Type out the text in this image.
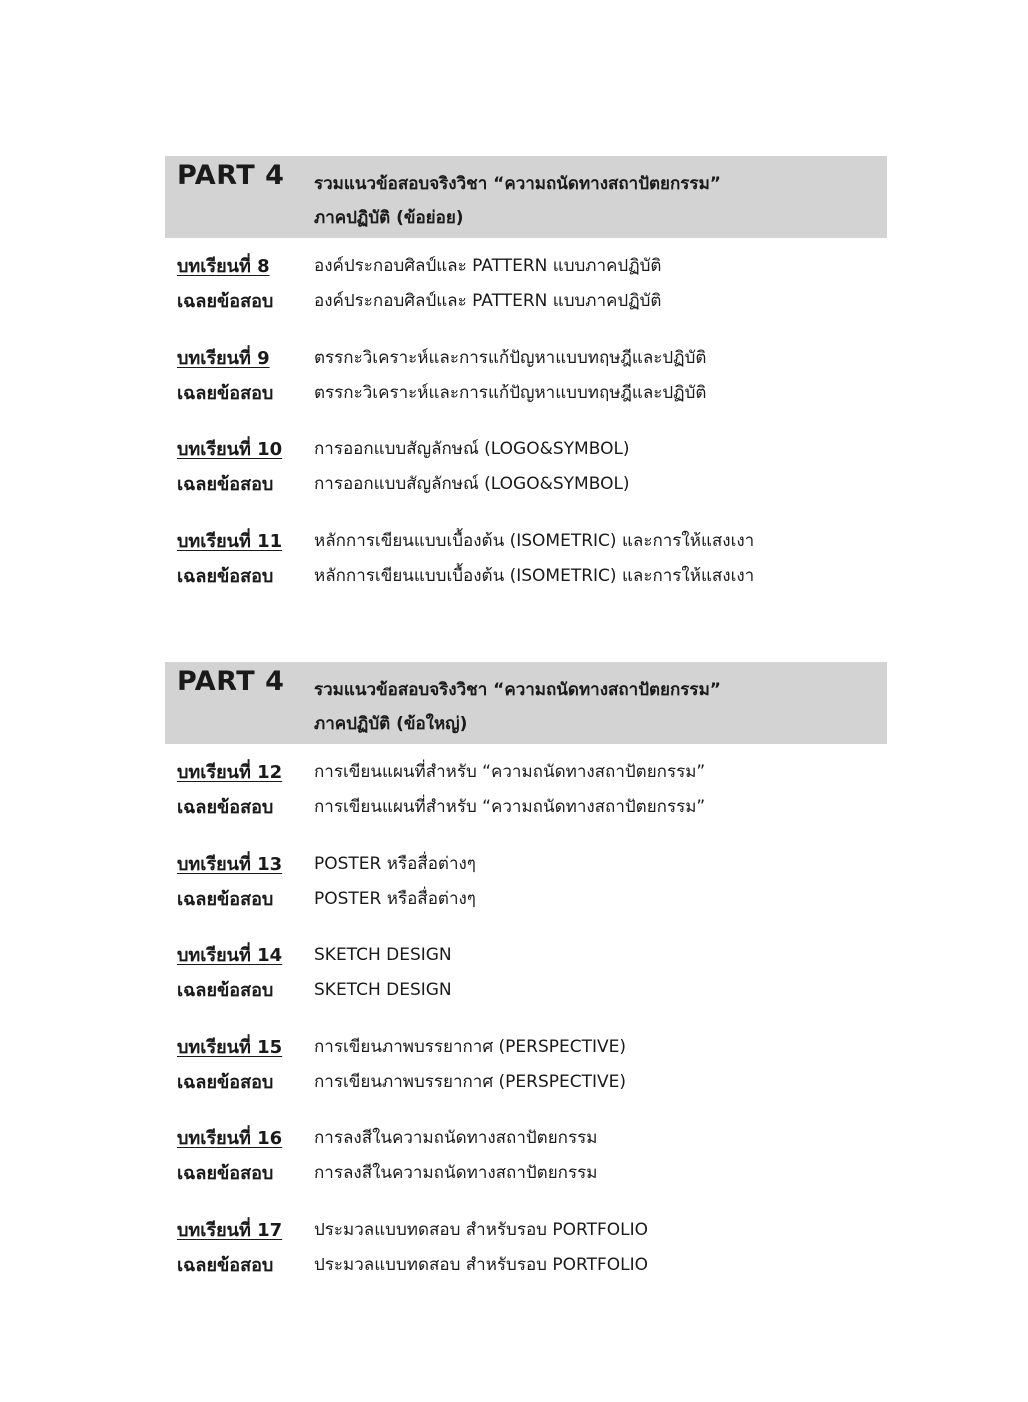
PART 4 รวมแนวข้อสอบจริงวิชา “ความถนัดทางสถาปัตยกรรม”
ภาคปฏิบัติ (ข้อย่อย)
บทเรียนที่ 8	องค์ประกอบศิลป์และ PATTERN แบบภาคปฏิบัติ
เฉลยข้อสอบ	องค์ประกอบศิลป์และ PATTERN แบบภาคปฏิบัติ
บทเรียนที่ 9	ตรรกะวิเคราะห์และการแก้ปัญหาแบบทฤษฎีและปฏิบัติ
เฉลยข้อสอบ	ตรรกะวิเคราะห์และการแก้ปัญหาแบบทฤษฎีและปฏิบัติ
บทเรียนที่ 10	การออกแบบสัญลักษณ์ (LOGO&SYMBOL)
เฉลยข้อสอบ	การออกแบบสัญลักษณ์ (LOGO&SYMBOL)
บทเรียนที่ 11	หลักการเขียนแบบเบื้องต้น (ISOMETRIC) และการให้แสงเงา
เฉลยข้อสอบ	หลักการเขียนแบบเบื้องต้น (ISOMETRIC) และการให้แสงเงา
PART 4 รวมแนวข้อสอบจริงวิชา “ความถนัดทางสถาปัตยกรรม”
ภาคปฏิบัติ (ข้อใหญ่)
บทเรียนที่ 12	การเขียนแผนที่สำหรับ “ความถนัดทางสถาปัตยกรรม”
เฉลยข้อสอบ	การเขียนแผนที่สำหรับ “ความถนัดทางสถาปัตยกรรม”
บทเรียนที่ 13	POSTER หรือสื่อต่างๆ
เฉลยข้อสอบ	POSTER หรือสื่อต่างๆ
บทเรียนที่ 14	SKETCH DESIGN
เฉลยข้อสอบ	SKETCH DESIGN
บทเรียนที่ 15	การเขียนภาพบรรยากาศ (PERSPECTIVE)
เฉลยข้อสอบ	การเขียนภาพบรรยากาศ (PERSPECTIVE)
บทเรียนที่ 16	การลงสีในความถนัดทางสถาปัตยกรรม
เฉลยข้อสอบ	การลงสีในความถนัดทางสถาปัตยกรรม
บทเรียนที่ 17	ประมวลแบบทดสอบ สำหรับรอบ PORTFOLIO
เฉลยข้อสอบ	ประมวลแบบทดสอบ สำหรับรอบ PORTFOLIO
